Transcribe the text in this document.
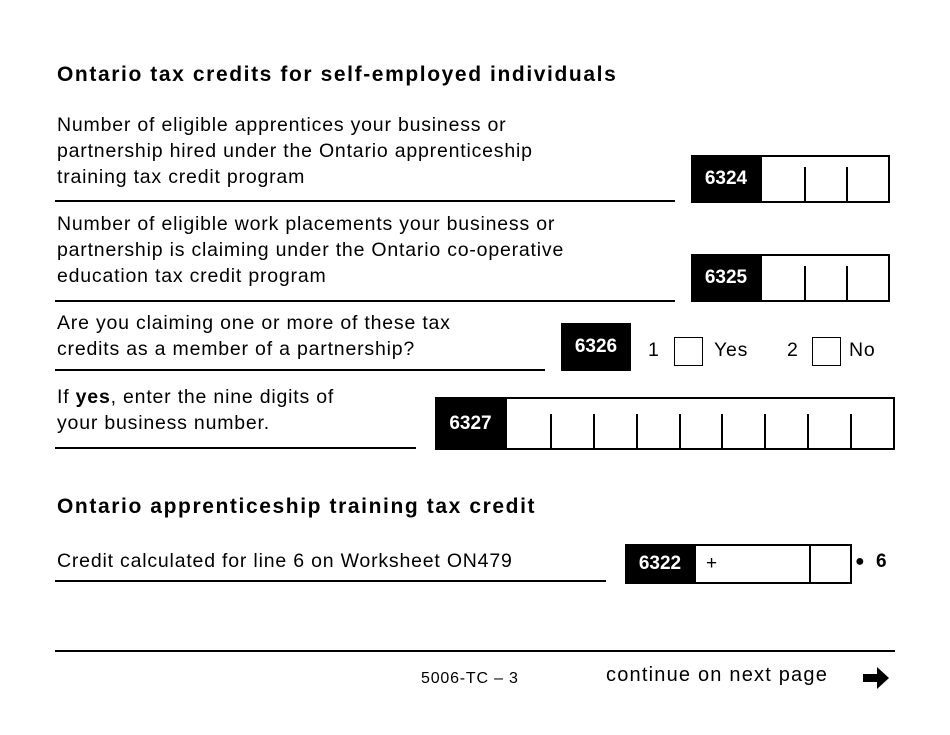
Ontario tax credits for self-employed individuals
Number of eligible apprentices your business or
partnership hired under the Ontario apprenticeship
training tax credit program	6324
Number of eligible work placements your business or
partnership is claiming under the Ontario co-operative
education tax credit program	6325
Are you claiming one or more of these tax
credits as a member of a partnership?	6326	1	Yes 2	No
If yes, enter the nine digits of
your business number.	6327
Ontario apprenticeship training tax credit
Credit calculated for line 6 on Worksheet ON479	6322	+	● 6
5006-TC – 3	continue on next page
